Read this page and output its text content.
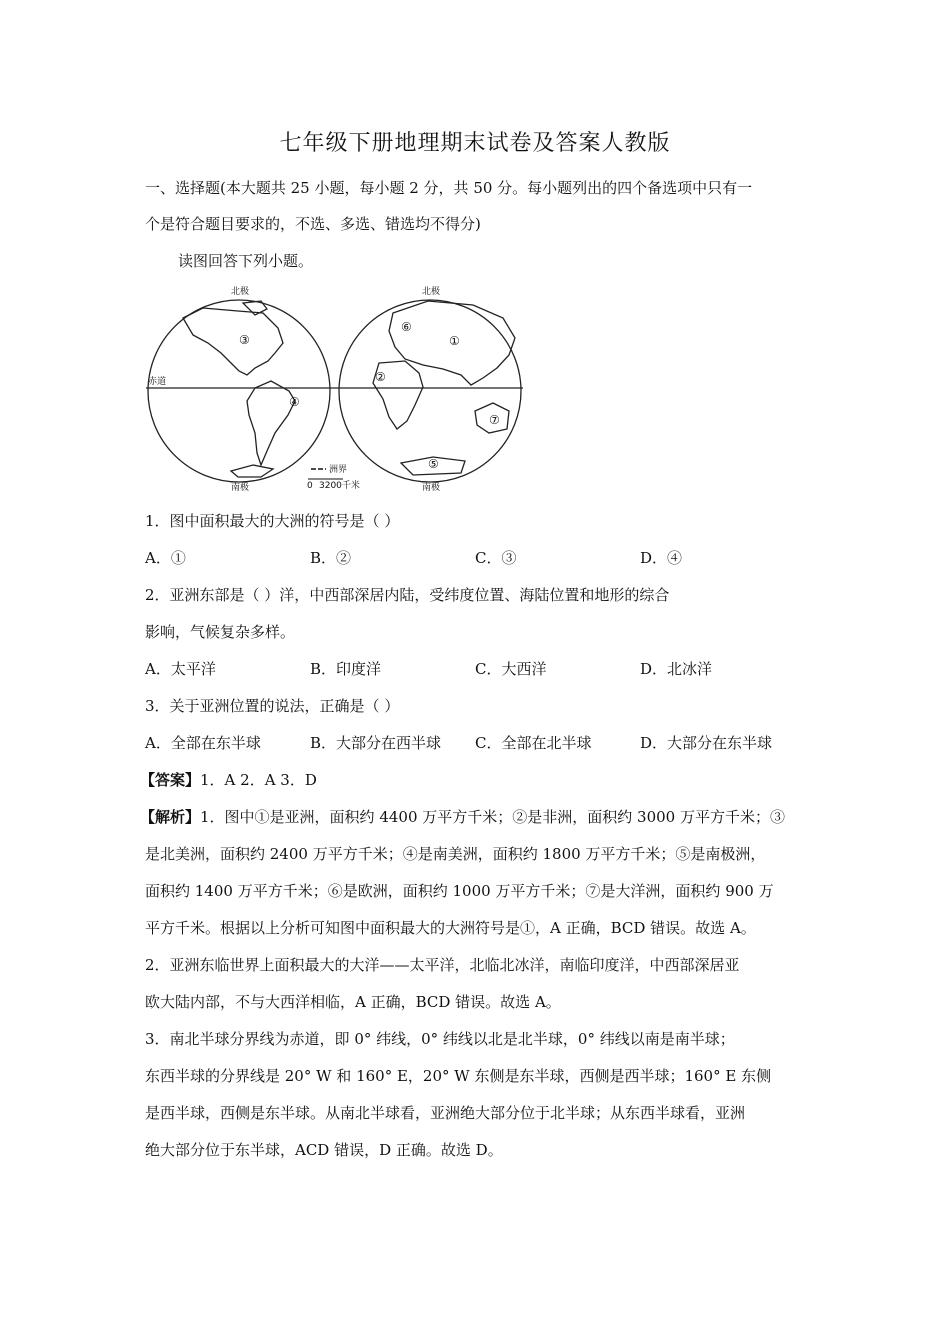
七年级下册地理期末试卷及答案人教版
一、选择题(本大题共 25 小题，每小题 2 分，共 50 分。每小题列出的四个备选项中只有一
个是符合题目要求的，不选、多选、错选均不得分)
读图回答下列小题。
北极	北极
南极	南极
赤道
洲界
0 3200千米
①
②
③
④
⑤
⑥
⑦
1．图中面积最大的大洲的符号是（ ）
A．①	B．②	C．③	D．④
2．亚洲东部是（ ）洋，中西部深居内陆，受纬度位置、海陆位置和地形的综合
影响，气候复杂多样。
A．太平洋	B．印度洋	C．大西洋	D．北冰洋
3．关于亚洲位置的说法，正确是（ ）
A．全部在东半球	B．大部分在西半球 C．全部在北半球	D．大部分在东半球
【答案】1．A 2．A 3．D
【解析】1．图中①是亚洲，面积约 4400 万平方千米；②是非洲，面积约 3000 万平方千米；③
是北美洲，面积约 2400 万平方千米；④是南美洲，面积约 1800 万平方千米；⑤是南极洲，
面积约 1400 万平方千米；⑥是欧洲，面积约 1000 万平方千米；⑦是大洋洲，面积约 900 万
平方千米。根据以上分析可知图中面积最大的大洲符号是①，A 正确，BCD 错误。故选 A。
2．亚洲东临世界上面积最大的大洋——太平洋，北临北冰洋，南临印度洋，中西部深居亚
欧大陆内部，不与大西洋相临，A 正确，BCD 错误。故选 A。
3．南北半球分界线为赤道，即 0° 纬线，0° 纬线以北是北半球，0° 纬线以南是南半球；
东西半球的分界线是 20° W 和 160° E，20° W 东侧是东半球，西侧是西半球；160° E 东侧
是西半球，西侧是东半球。从南北半球看，亚洲绝大部分位于北半球；从东西半球看，亚洲
绝大部分位于东半球，ACD 错误，D 正确。故选 D。
